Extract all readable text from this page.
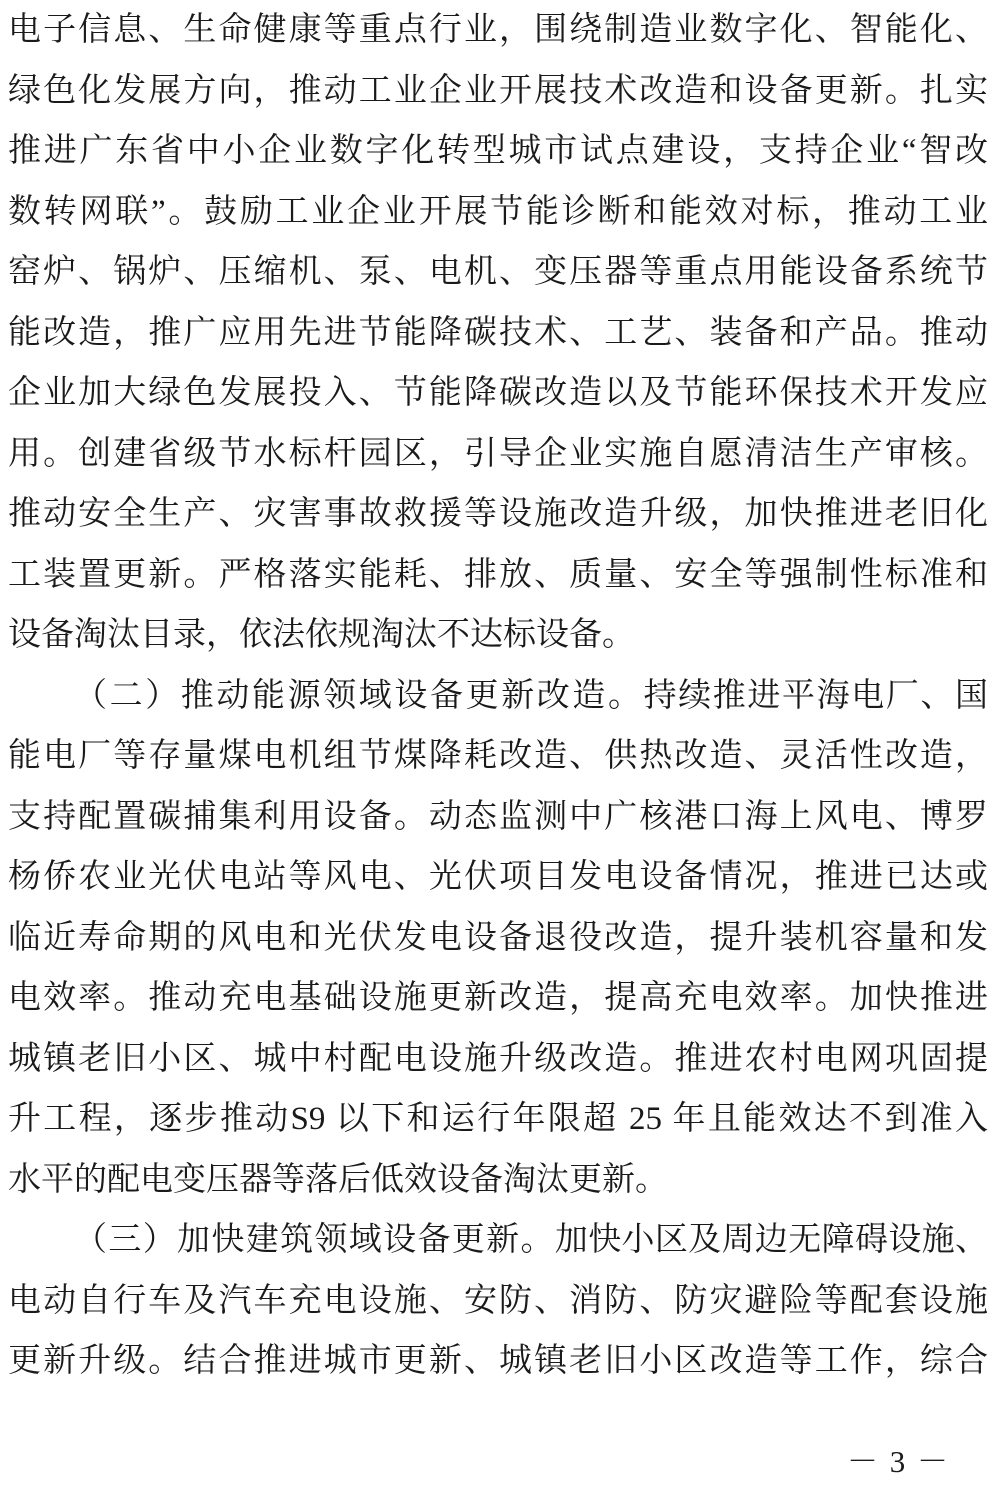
电子信息、生命健康等重点行业，围绕制造业数字化、智能化、
绿色化发展方向，推动工业企业开展技术改造和设备更新。扎实
推进广东省中小企业数字化转型城市试点建设，支持企业“智改
数转网联”。鼓励工业企业开展节能诊断和能效对标，推动工业
窑炉、锅炉、压缩机、泵、电机、变压器等重点用能设备系统节
能改造，推广应用先进节能降碳技术、工艺、装备和产品。推动
企业加大绿色发展投入、节能降碳改造以及节能环保技术开发应
用。创建省级节水标杆园区，引导企业实施自愿清洁生产审核。
推动安全生产、灾害事故救援等设施改造升级，加快推进老旧化
工装置更新。严格落实能耗、排放、质量、安全等强制性标准和
设备淘汰目录，依法依规淘汰不达标设备。
（二）推动能源领域设备更新改造。持续推进平海电厂、国
能电厂等存量煤电机组节煤降耗改造、供热改造、灵活性改造，
支持配置碳捕集利用设备。动态监测中广核港口海上风电、博罗
杨侨农业光伏电站等风电、光伏项目发电设备情况，推进已达或
临近寿命期的风电和光伏发电设备退役改造，提升装机容量和发
电效率。推动充电基础设施更新改造，提高充电效率。加快推进
城镇老旧小区、城中村配电设施升级改造。推进农村电网巩固提
升工程，逐步推动S9 以下和运行年限超 25 年且能效达不到准入
水平的配电变压器等落后低效设备淘汰更新。
（三）加快建筑领域设备更新。加快小区及周边无障碍设施、
电动自行车及汽车充电设施、安防、消防、防灾避险等配套设施
更新升级。结合推进城市更新、城镇老旧小区改造等工作，综合
－ 3 －
